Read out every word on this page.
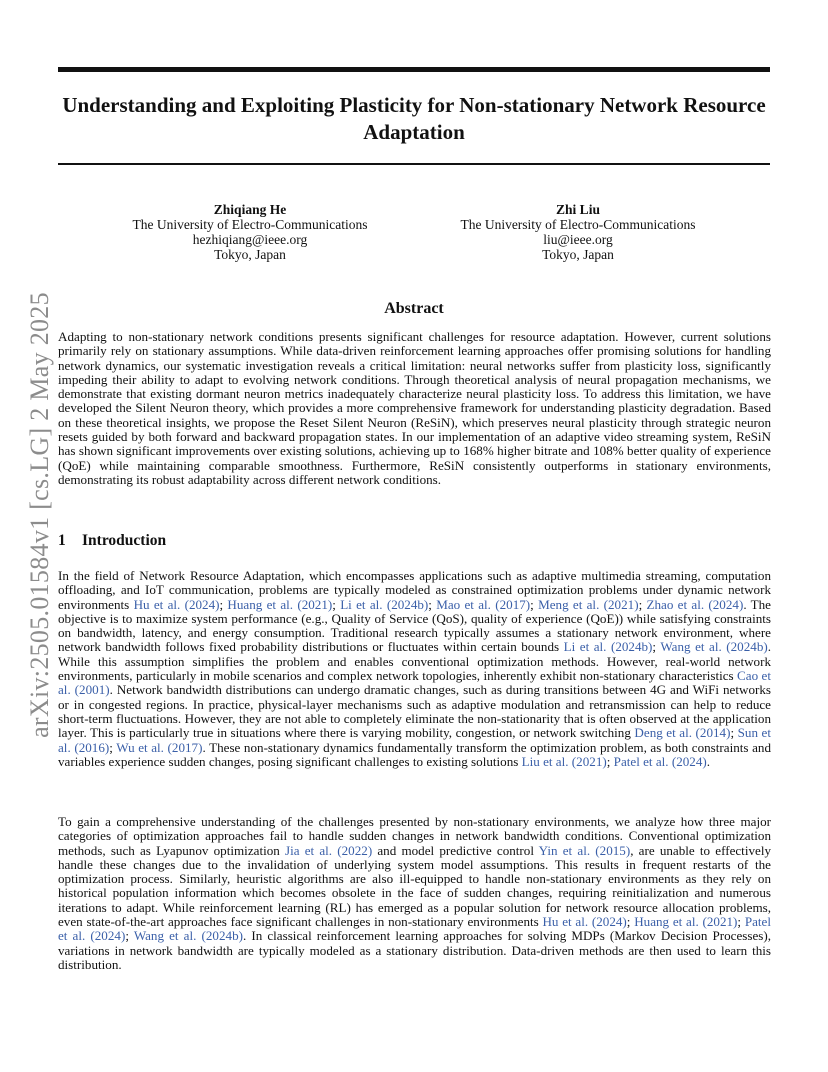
arXiv:2505.01584v1 [cs.LG] 2 May 2025
Understanding and Exploiting Plasticity for Non-stationary Network Resource Adaptation
Zhiqiang He
The University of Electro-Communications
hezhiqiang@ieee.org
Tokyo, Japan
Zhi Liu
The University of Electro-Communications
liu@ieee.org
Tokyo, Japan
Abstract
Adapting to non-stationary network conditions presents significant challenges for resource adaptation. However, current solutions primarily rely on stationary assumptions. While data-driven reinforcement learning approaches offer promising solutions for handling network dynamics, our systematic investigation reveals a critical limitation: neural networks suffer from plasticity loss, significantly impeding their ability to adapt to evolving network conditions. Through theoretical analysis of neural propagation mechanisms, we demonstrate that existing dormant neuron metrics inadequately characterize neural plasticity loss. To address this limitation, we have developed the Silent Neuron theory, which provides a more comprehensive framework for understanding plasticity degradation. Based on these theoretical insights, we propose the Reset Silent Neuron (ReSiN), which preserves neural plasticity through strategic neuron resets guided by both forward and backward propagation states. In our implementation of an adaptive video streaming system, ReSiN has shown significant improvements over existing solutions, achieving up to 168% higher bitrate and 108% better quality of experience (QoE) while maintaining comparable smoothness. Furthermore, ReSiN consistently outperforms in stationary environments, demonstrating its robust adaptability across different network conditions.
1 Introduction
In the field of Network Resource Adaptation, which encompasses applications such as adaptive multimedia streaming, computation offloading, and IoT communication, problems are typically modeled as constrained optimization problems under dynamic network environments Hu et al. (2024); Huang et al. (2021); Li et al. (2024b); Mao et al. (2017); Meng et al. (2021); Zhao et al. (2024). The objective is to maximize system performance (e.g., Quality of Service (QoS), quality of experience (QoE)) while satisfying constraints on bandwidth, latency, and energy consumption. Traditional research typically assumes a stationary network environment, where network bandwidth follows fixed probability distributions or fluctuates within certain bounds Li et al. (2024b); Wang et al. (2024b). While this assumption simplifies the problem and enables conventional optimization methods. However, real-world network environments, particularly in mobile scenarios and complex network topologies, inherently exhibit non-stationary characteristics Cao et al. (2001). Network bandwidth distributions can undergo dramatic changes, such as during transitions between 4G and WiFi networks or in congested regions. In practice, physical-layer mechanisms such as adaptive modulation and retransmission can help to reduce short-term fluctuations. However, they are not able to completely eliminate the non-stationarity that is often observed at the application layer. This is particularly true in situations where there is varying mobility, congestion, or network switching Deng et al. (2014); Sun et al. (2016); Wu et al. (2017). These non-stationary dynamics fundamentally transform the optimization problem, as both constraints and variables experience sudden changes, posing significant challenges to existing solutions Liu et al. (2021); Patel et al. (2024).
To gain a comprehensive understanding of the challenges presented by non-stationary environments, we analyze how three major categories of optimization approaches fail to handle sudden changes in network bandwidth conditions. Conventional optimization methods, such as Lyapunov optimization Jia et al. (2022) and model predictive control Yin et al. (2015), are unable to effectively handle these changes due to the invalidation of underlying system model assumptions. This results in frequent restarts of the optimization process. Similarly, heuristic algorithms are also ill-equipped to handle non-stationary environments as they rely on historical population information which becomes obsolete in the face of sudden changes, requiring reinitialization and numerous iterations to adapt. While reinforcement learning (RL) has emerged as a popular solution for network resource allocation problems, even state-of-the-art approaches face significant challenges in non-stationary environments Hu et al. (2024); Huang et al. (2021); Patel et al. (2024); Wang et al. (2024b). In classical reinforcement learning approaches for solving MDPs (Markov Decision Processes), variations in network bandwidth are typically modeled as a stationary distribution. Data-driven methods are then used to learn this distribution.
